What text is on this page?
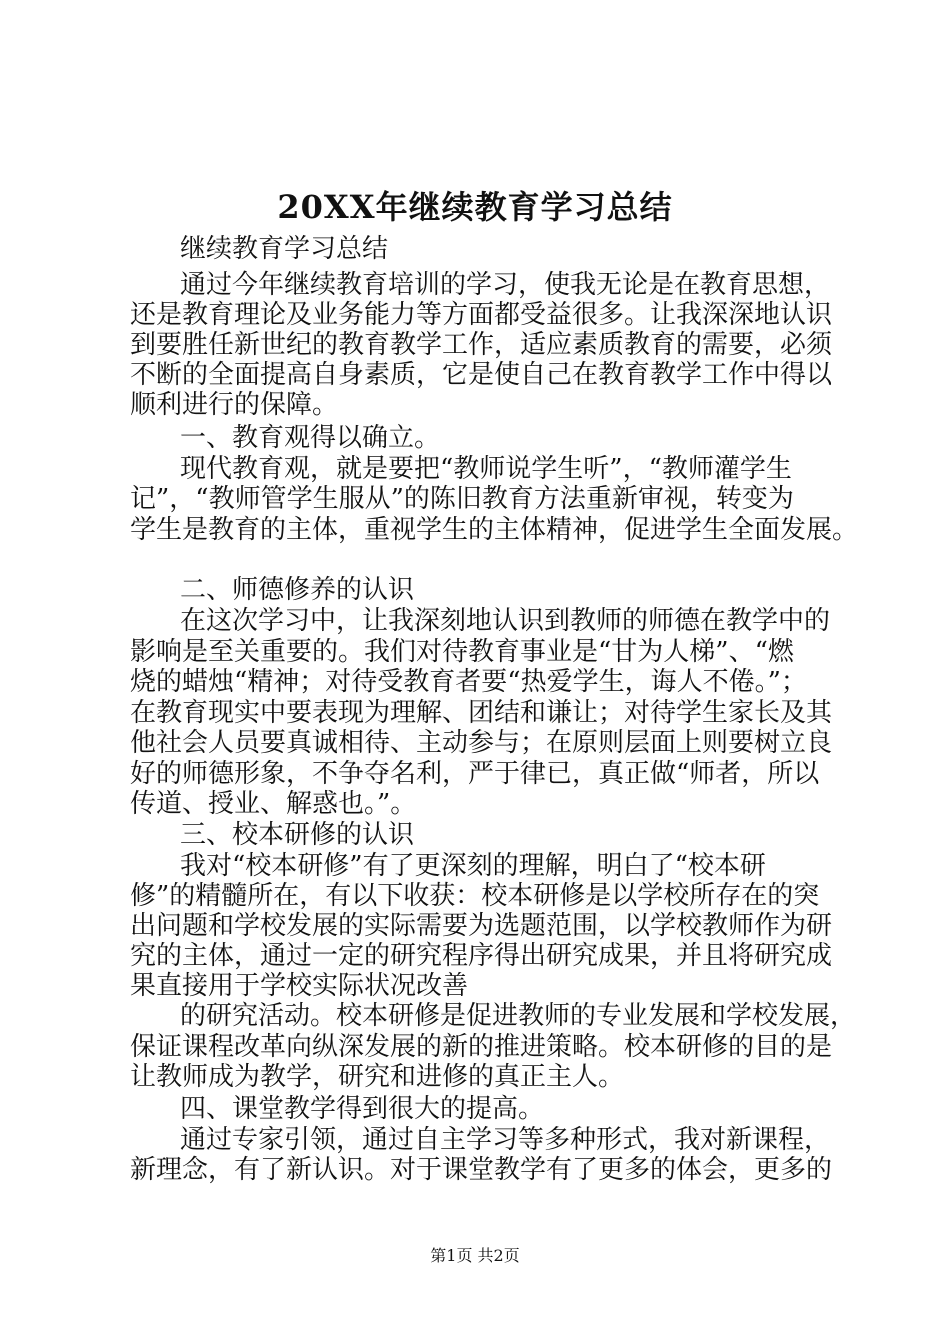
20XX年继续教育学习总结

继续教育学习总结

通过今年继续教育培训的学习，使我无论是在教育思想，

还是教育理论及业务能力等方面都受益很多。让我深深地认识

到要胜任新世纪的教育教学工作，适应素质教育的需要，必须

不断的全面提高自身素质，它是使自己在教育教学工作中得以

顺利进行的保障。

一、教育观得以确立。

现代教育观，就是要把“教师说学生听”，“教师灌学生

记”，“教师管学生服从”的陈旧教育方法重新审视，转变为

学生是教育的主体，重视学生的主体精神，促进学生全面发展。

二、师德修养的认识

在这次学习中，让我深刻地认识到教师的师德在教学中的

影响是至关重要的。我们对待教育事业是“甘为人梯”、“燃

烧的蜡烛“精神；对待受教育者要“热爱学生，诲人不倦。”；

在教育现实中要表现为理解、团结和谦让；对待学生家长及其

他社会人员要真诚相待、主动参与；在原则层面上则要树立良

好的师德形象，不争夺名利，严于律已，真正做“师者，所以

传道、授业、解惑也。”。

三、校本研修的认识

我对“校本研修”有了更深刻的理解，明白了“校本研

修”的精髓所在，有以下收获：校本研修是以学校所存在的突

出问题和学校发展的实际需要为选题范围，以学校教师作为研

究的主体，通过一定的研究程序得出研究成果，并且将研究成

果直接用于学校实际状况改善

的研究活动。校本研修是促进教师的专业发展和学校发展，

保证课程改革向纵深发展的新的推进策略。校本研修的目的是

让教师成为教学，研究和进修的真正主人。

四、课堂教学得到很大的提高。

通过专家引领，通过自主学习等多种形式，我对新课程，

新理念，有了新认识。对于课堂教学有了更多的体会，更多的

第1页 共2页
